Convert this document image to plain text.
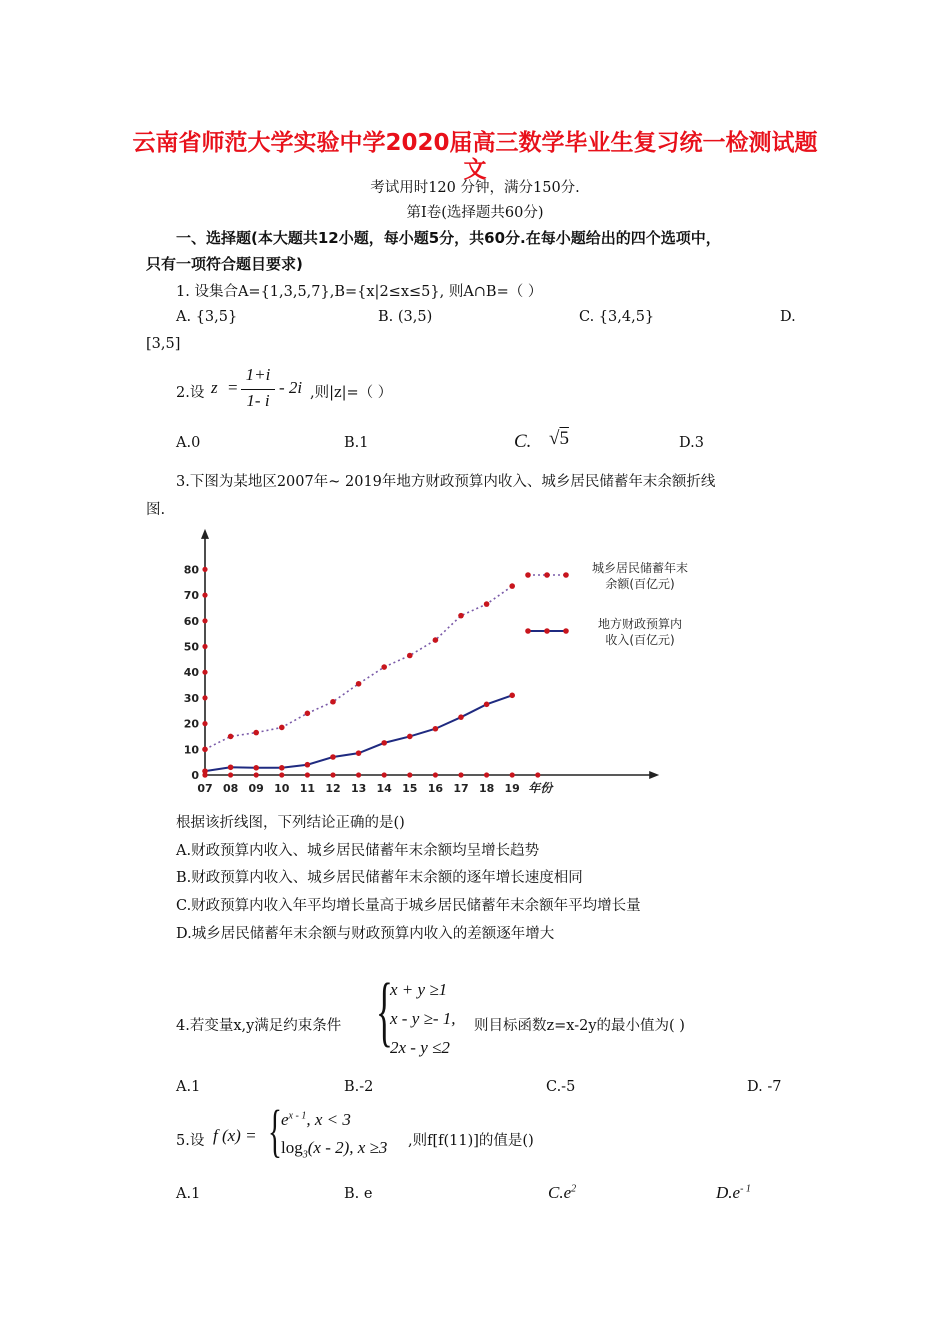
云南省师范大学实验中学2020届高三数学毕业生复习统一检测试题
文
考试用时120 分钟，满分150分.
第Ⅰ卷(选择题共60分)
一、选择题(本大题共12小题，每小题5分，共60分.在每小题给出的四个选项中，
只有一项符合题目要求)
1. 设集合A={1,3,5,7},B={x|2≤x≤5}, 则A∩B=（ ）
A. {3,5}	B. (3,5)	C. {3,4,5}	D.
[3,5]
2.设 z =
1+i
1- i
- 2i ,则|z|=（ ）
A.0	B.1	C. √5	D.3
3.下图为某地区2007年~ 2019年地方财政预算内收入、城乡居民储蓄年末余额折线
图.
0
10
20
30
40
50
60
70
80
07 08 09 10 11 12 13 14 15 16 17 18 19 年份
城乡居民储蓄年末
余额(百亿元)
地方财政预算内
收入(百亿元)
根据该折线图，下列结论正确的是()
A.财政预算内收入、城乡居民储蓄年末余额均呈增长趋势
B.财政预算内收入、城乡居民储蓄年末余额的逐年增长速度相同
C.财政预算内收入年平均增长量高于城乡居民储蓄年末余额年平均增长量
D.城乡居民储蓄年末余额与财政预算内收入的差额逐年增大
4.若变量x,y满足约束条件 {
x + y ≥1
x - y ≥- 1,
2x - y ≤2
则目标函数z=x-2y的最小值为( )
A.1	B.-2	C.-5	D. -7
5.设 f (x) = { $e^{x - 1}$, x < 3
$\log_3(x - 2)$, x ≥3 ,则f[f(11)]的值是()
A.1	B. e	$C.e^2$	$D.e^{- 1}$
